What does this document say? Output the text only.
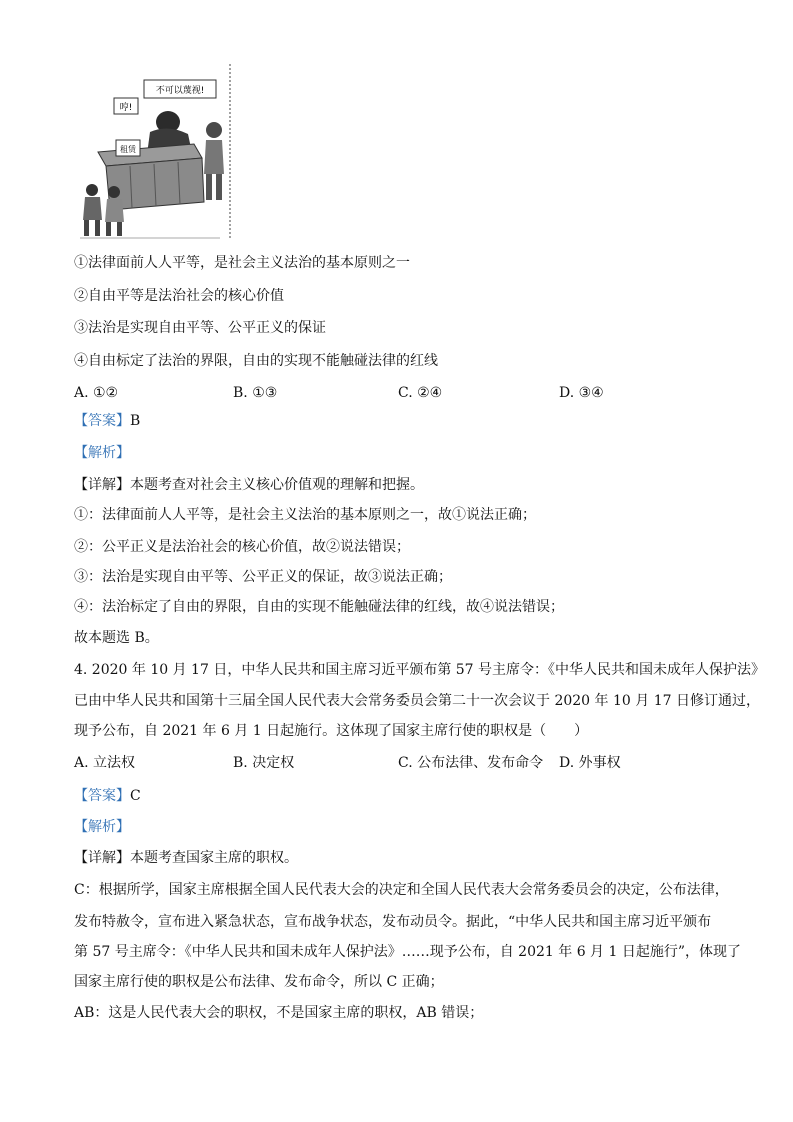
不可以蔑视!
哼!
租赁
①法律面前人人平等，是社会主义法治的基本原则之一
②自由平等是法治社会的核心价值
③法治是实现自由平等、公平正义的保证
④自由标定了法治的界限，自由的实现不能触碰法律的红线
A. ①②	B. ①③	C. ②④	D. ③④
【答案】B
【解析】
【详解】本题考查对社会主义核心价值观的理解和把握。
①：法律面前人人平等，是社会主义法治的基本原则之一，故①说法正确；
②：公平正义是法治社会的核心价值，故②说法错误；
③：法治是实现自由平等、公平正义的保证，故③说法正确；
④：法治标定了自由的界限，自由的实现不能触碰法律的红线，故④说法错误；
故本题选 B。
4. 2020 年 10 月 17 日，中华人民共和国主席习近平颁布第 57 号主席令：《中华人民共和国未成年人保护法》
已由中华人民共和国第十三届全国人民代表大会常务委员会第二十一次会议于 2020 年 10 月 17 日修订通过，
现予公布，自 2021 年 6 月 1 日起施行。这体现了国家主席行使的职权是（　　）
A. 立法权	B. 决定权	C. 公布法律、发布命令 D. 外事权
【答案】C
【解析】
【详解】本题考查国家主席的职权。
C：根据所学，国家主席根据全国人民代表大会的决定和全国人民代表大会常务委员会的决定，公布法律，
发布特赦令，宣布进入紧急状态，宣布战争状态，发布动员令。据此，“中华人民共和国主席习近平颁布
第 57 号主席令：《中华人民共和国未成年人保护法》……现予公布，自 2021 年 6 月 1 日起施行”，体现了
国家主席行使的职权是公布法律、发布命令，所以 C 正确；
AB：这是人民代表大会的职权，不是国家主席的职权，AB 错误；
